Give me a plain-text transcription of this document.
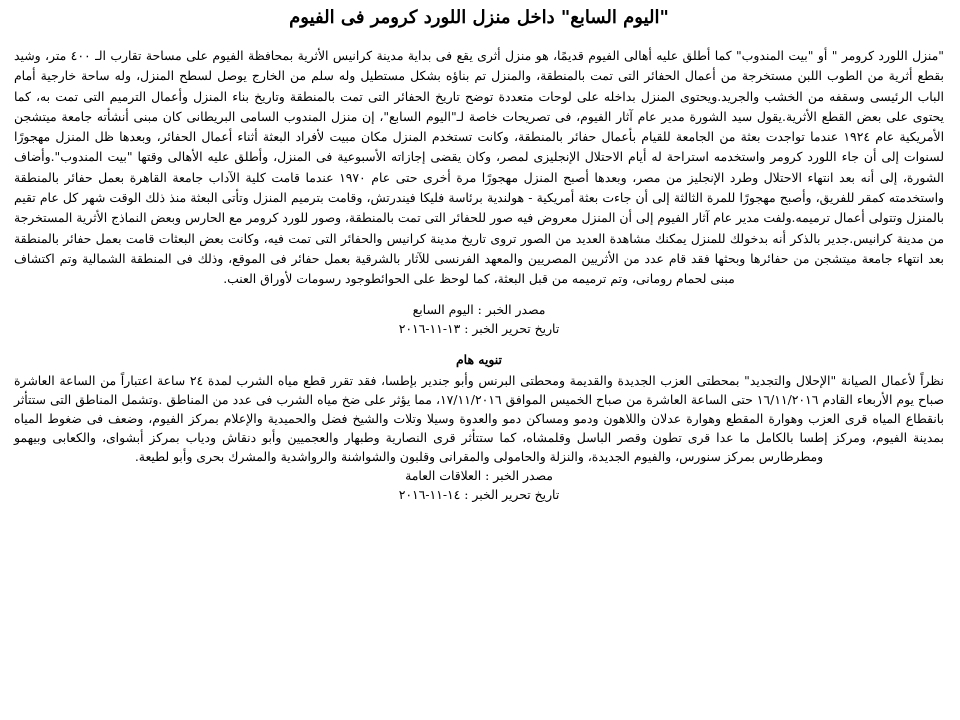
"اليوم السابع" داخل منزل اللورد كرومر فى الفيوم

"منزل اللورد كرومر " أو "بيت المندوب" كما أطلق عليه أهالى الفيوم قديمًا، هو منزل أثرى يقع فى بداية مدينة كرانيس الأثرية بمحافظة الفيوم على مساحة تقارب الـ ٤٠٠ متر، وشيد بقطع أثرية من الطوب اللبن مستخرجة من أعمال الحفائر التى تمت بالمنطقة، والمنزل تم بناؤه بشكل مستطيل وله سلم من الخارج يوصل لسطح المنزل، وله ساحة خارجية أمام الباب الرئيسى وسقفه من الخشب والجريد.ويحتوى المنزل بداخله على لوحات متعددة توضح تاريخ الحفائر التى تمت بالمنطقة وتاريخ بناء المنزل وأعمال الترميم التى تمت به، كما يحتوى على بعض القطع الأثرية.يقول سيد الشورة مدير عام آثار الفيوم، فى تصريحات خاصة لـ"اليوم السابع"، إن منزل المندوب السامى البريطانى كان مبنى أنشأته جامعة ميتشجن الأمريكية عام ١٩٢٤ عندما تواجدت بعثة من الجامعة للقيام بأعمال حفائر بالمنطقة، وكانت تستخدم المنزل مكان مبيت لأفراد البعثة أثناء أعمال الحفائر، وبعدها ظل المنزل مهجورًا لسنوات إلى أن جاء اللورد كرومر واستخدمه استراحة له أيام الاحتلال الإنجليزى لمصر، وكان يقضى إجازاته الأسبوعية فى المنزل، وأطلق عليه الأهالى وقتها "بيت المندوب".وأضاف الشورة، إلى أنه بعد انتهاء الاحتلال وطرد الإنجليز من مصر، وبعدها أصبح المنزل مهجورًا مرة أخرى حتى عام ١٩٧٠ عندما قامت كلية الآداب جامعة القاهرة بعمل حفائر بالمنطقة واستخدمته كمقر للفريق، وأصبح مهجورًا للمرة الثالثة إلى أن جاءت بعثة أمريكية - هولندية برئاسة فليكا فيندرتش، وقامت بترميم المنزل وتأتى البعثة منذ ذلك الوقت شهر كل عام تقيم بالمنزل وتتولى أعمال ترميمه.ولفت مدير عام آثار الفيوم إلى أن المنزل معروض فيه صور للحفائر التى تمت بالمنطقة، وصور للورد كرومر مع الحارس وبعض النماذج الأثرية المستخرجة من مدينة كرانيس.جدير بالذكر أنه بدخولك للمنزل يمكنك مشاهدة العديد من الصور تروى تاريخ مدينة كرانيس والحفائر التى تمت فيه، وكانت بعض البعثات قامت بعمل حفائر بالمنطقة بعد انتهاء جامعة ميتشجن من حفائرها وبحثها فقد قام عدد من الأثريين المصريين والمعهد الفرنسى للآثار بالشرقية بعمل حفائر فى الموقع، وذلك فى المنطقة الشمالية وتم اكتشاف مبنى لحمام رومانى، وتم ترميمه من قبل البعثة، كما لوحظ على الحوائطوجود رسومات لأوراق العنب.

مصدر الخبر : اليوم السابع
تاريخ تحرير الخبر : ١٣-١١-٢٠١٦
تنويه هام

نظراً لأعمال الصيانة "الإحلال والتجديد" بمحطتى العزب الجديدة والقديمة ومحطتى البرنس وأبو جندير بإطسا، فقد تقرر قطع مياه الشرب لمدة ٢٤ ساعة اعتباراً من الساعة العاشرة صباح يوم الأربعاء القادم ١٦/١١/٢٠١٦ حتى الساعة العاشرة من صباح الخميس الموافق ١٧/١١/٢٠١٦، مما يؤثر على ضخ مياه الشرب فى عدد من المناطق .وتشمل المناطق التى ستتأثر بانقطاع المياه قرى العزب وهوارة المقطع وهوارة عدلان واللاهون ودمو ومساكن دمو والعدوة وسيلا وتلات والشيخ فضل والحميدية والإعلام بمركز الفيوم، وضعف فى ضغوط المياه بمدينة الفيوم، ومركز إطسا بالكامل ما عدا قرى تطون وقصر الباسل وقلمشاه، كما ستتأثر قرى النصارية وطبهار والعجميين وأبو دنقاش ودياب بمركز أبشواى، والكعابى وبيهمو ومطرطارس بمركز سنورس، والفيوم الجديدة، والنزلة والحامولى والمقرانى وقلبون والشواشنة والرواشدية والمشرك بحرى وأبو لطيعة.

مصدر الخبر : العلاقات العامة
تاريخ تحرير الخبر : ١٤-١١-٢٠١٦
